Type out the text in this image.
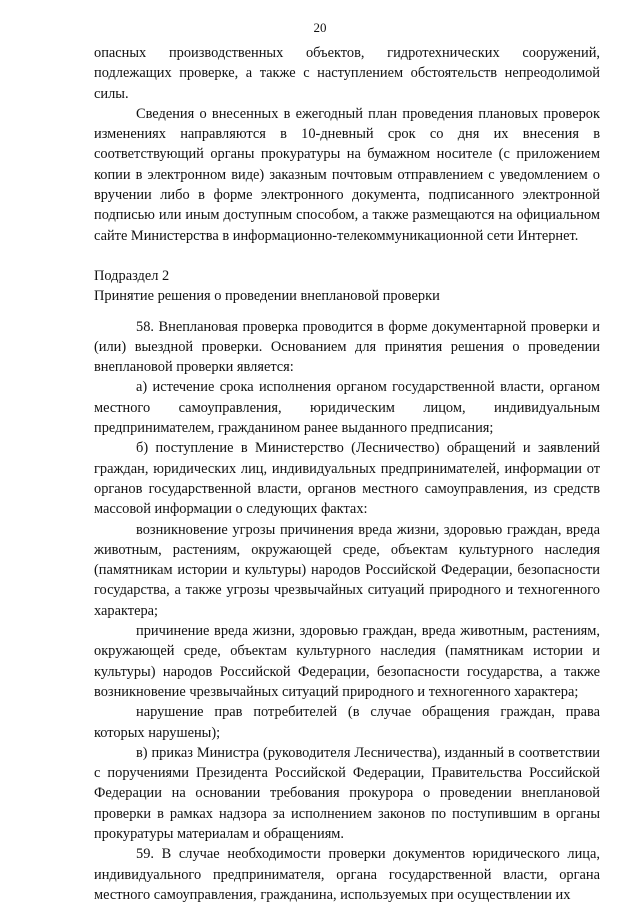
20

опасных производственных объектов, гидротехнических сооружений, подлежащих проверке, а также с наступлением обстоятельств непреодолимой силы.

Сведения о внесенных в ежегодный план проведения плановых проверок изменениях направляются в 10-дневный срок со дня их внесения в соответствующий органы прокуратуры на бумажном носителе (с приложением копии в электронном виде) заказным почтовым отправлением с уведомлением о вручении либо в форме электронного документа, подписанного электронной подписью или иным доступным способом, а также размещаются на официальном сайте Министерства в информационно-телекоммуникационной сети Интернет.

Подраздел 2

Принятие решения о проведении внеплановой проверки

58. Внеплановая проверка проводится в форме документарной проверки и (или) выездной проверки. Основанием для принятия решения о проведении внеплановой проверки является:

а) истечение срока исполнения органом государственной власти, органом местного самоуправления, юридическим лицом, индивидуальным предпринимателем, гражданином ранее выданного предписания;

б) поступление в Министерство (Лесничество) обращений и заявлений граждан, юридических лиц, индивидуальных предпринимателей, информации от органов государственной власти, органов местного самоуправления, из средств массовой информации о следующих фактах:

возникновение угрозы причинения вреда жизни, здоровью граждан, вреда животным, растениям, окружающей среде, объектам культурного наследия (памятникам истории и культуры) народов Российской Федерации, безопасности государства, а также угрозы чрезвычайных ситуаций природного и техногенного характера;

причинение вреда жизни, здоровью граждан, вреда животным, растениям, окружающей среде, объектам культурного наследия (памятникам истории и культуры) народов Российской Федерации, безопасности государства, а также возникновение чрезвычайных ситуаций природного и техногенного характера;

нарушение прав потребителей (в случае обращения граждан, права которых нарушены);

в) приказ Министра (руководителя Лесничества), изданный в соответствии с поручениями Президента Российской Федерации, Правительства Российской Федерации на основании требования прокурора о проведении внеплановой проверки в рамках надзора за исполнением законов по поступившим в органы прокуратуры материалам и обращениям.

59. В случае необходимости проверки документов юридического лица, индивидуального предпринимателя, органа государственной власти, органа местного самоуправления, гражданина, используемых при осуществлении их
